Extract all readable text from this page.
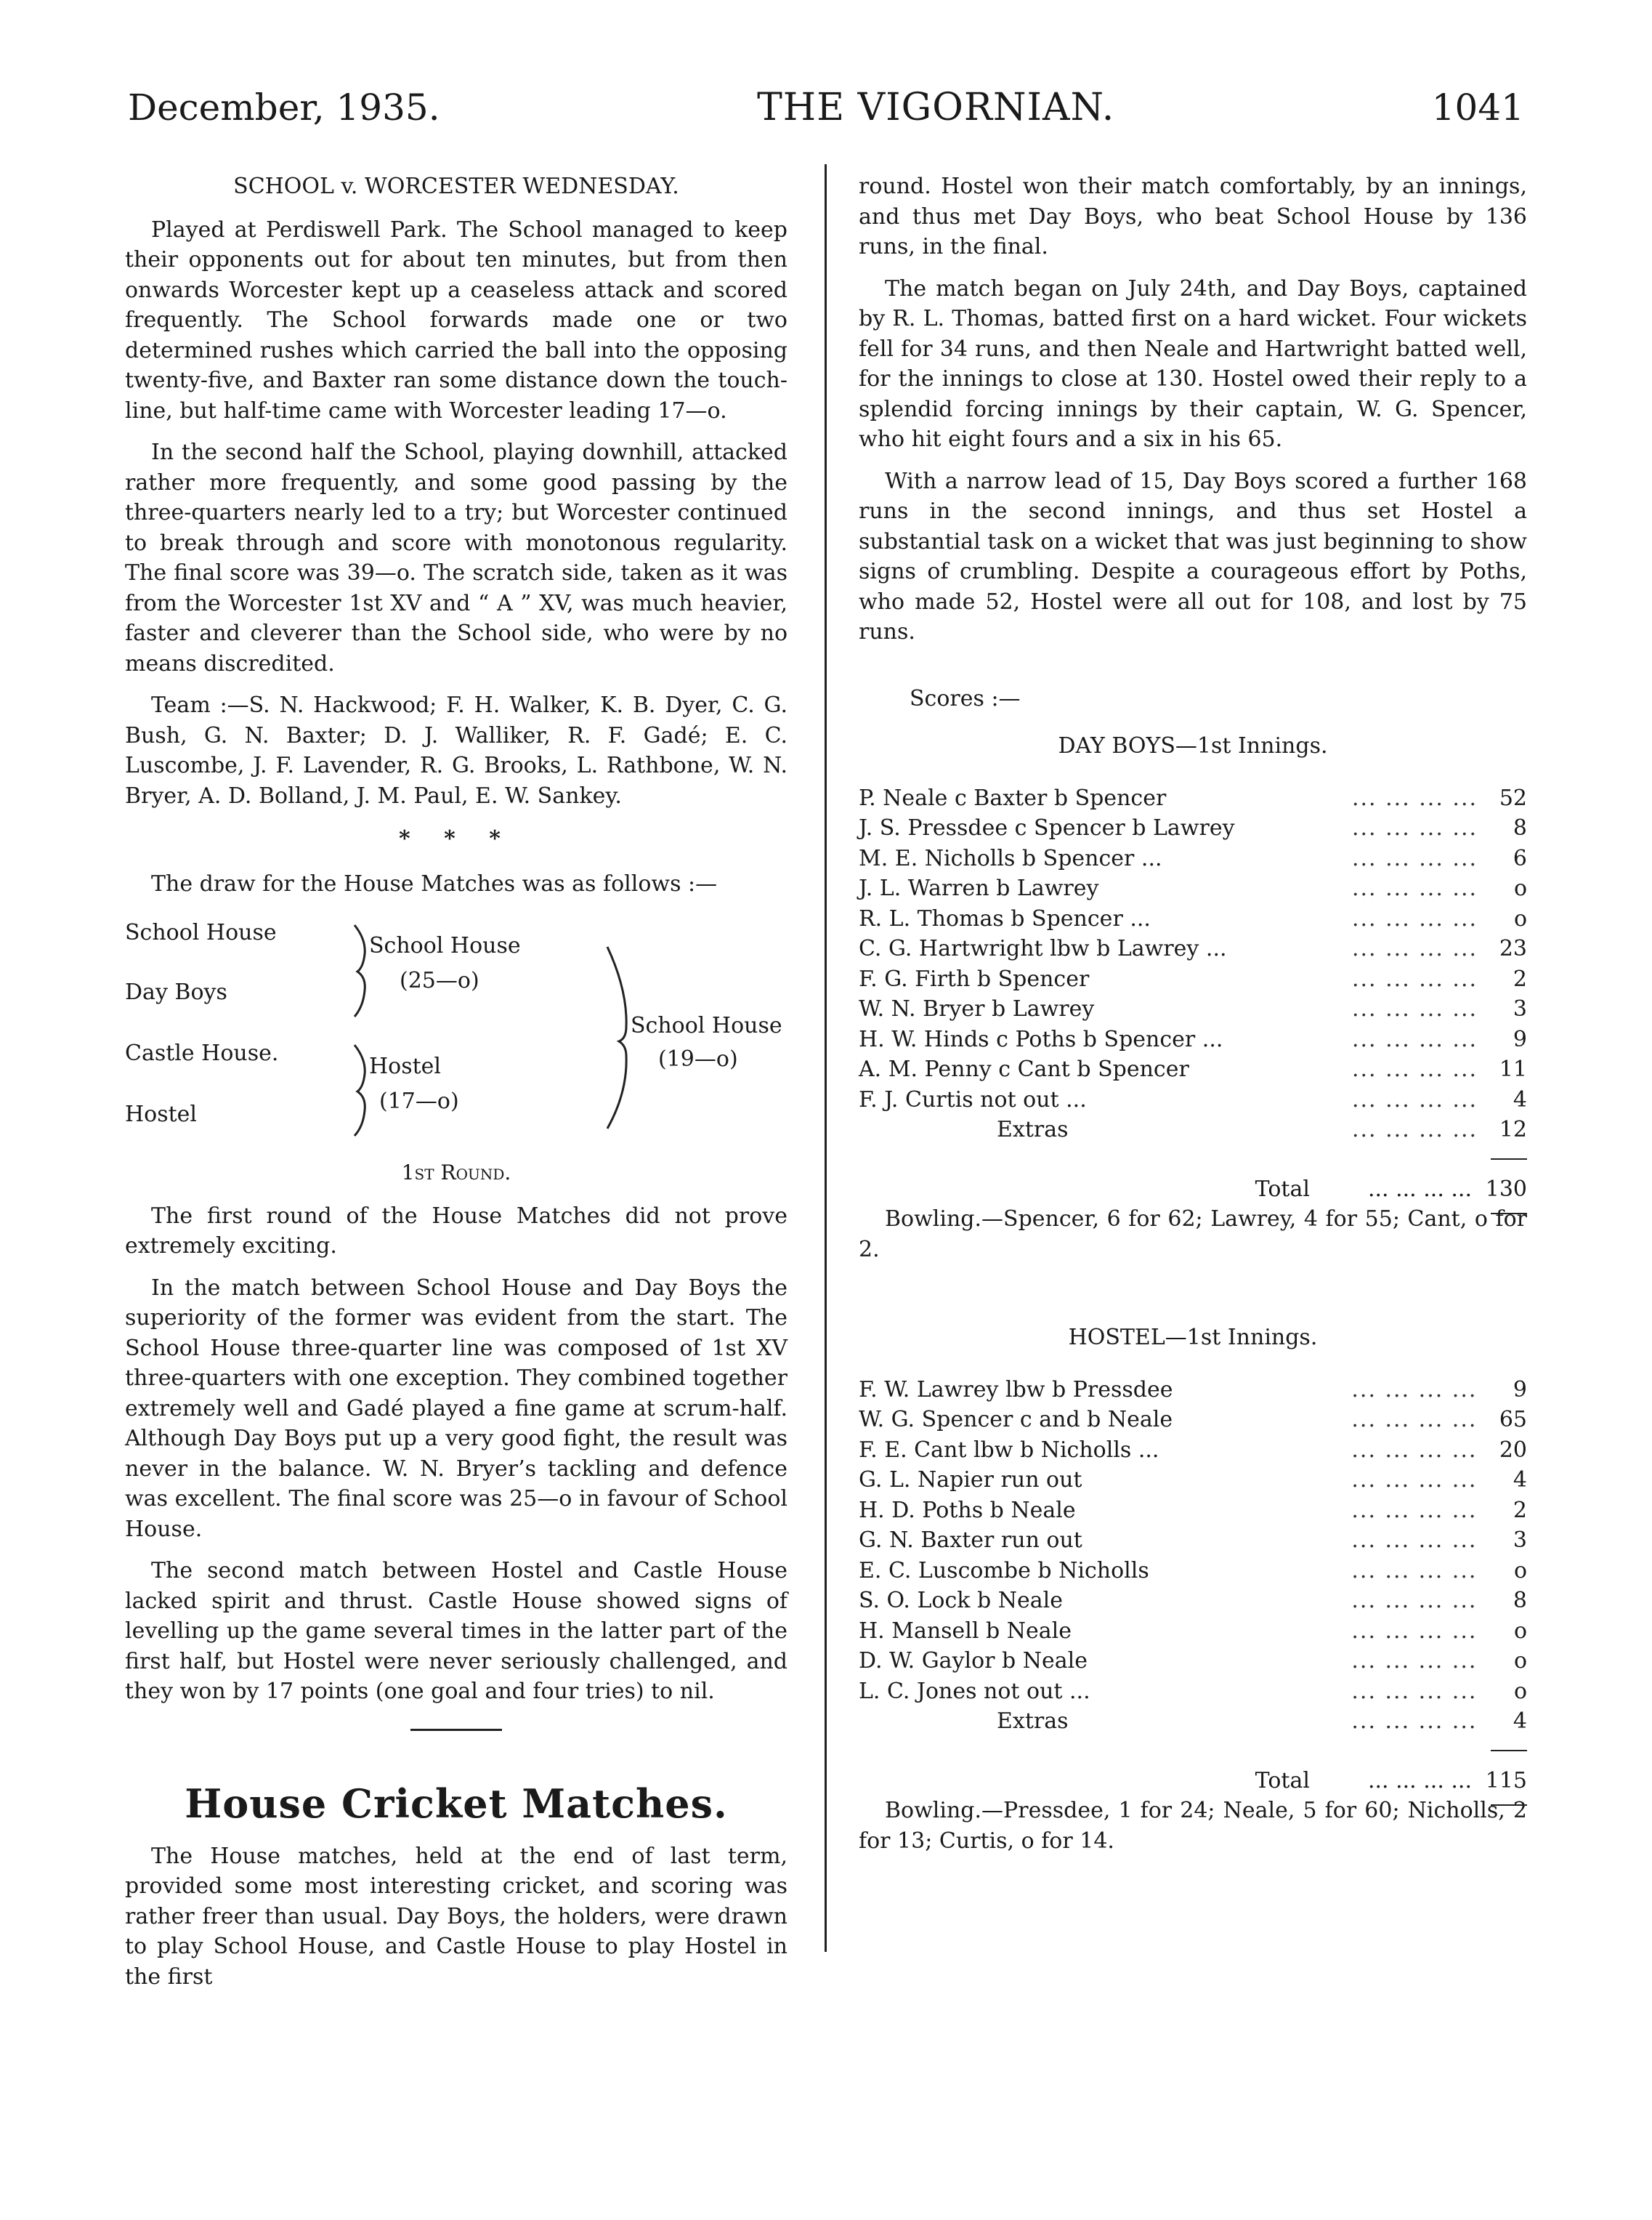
December, 1935.	THE VIGORNIAN.	1041
SCHOOL v. WORCESTER WEDNESDAY.

Played at Perdiswell Park. The School managed to keep their opponents out for about ten minutes, but from then onwards Worcester kept up a ceaseless attack and scored frequently. The School forwards made one or two determined rushes which carried the ball into the opposing twenty-five, and Baxter ran some distance down the touch-line, but half-time came with Worcester leading 17—o.

In the second half the School, playing downhill, attacked rather more frequently, and some good passing by the three-quarters nearly led to a try; but Worcester continued to break through and score with monotonous regularity. The final score was 39—o. The scratch side, taken as it was from the Worcester 1st XV and “ A ” XV, was much heavier, faster and cleverer than the School side, who were by no means discredited.

Team :—S. N. Hackwood; F. H. Walker, K. B. Dyer, C. G. Bush, G. N. Baxter; D. J. Walliker, R. F. Gadé; E. C. Luscombe, J. F. Lavender, R. G. Brooks, L. Rathbone, W. N. Bryer, A. D. Bolland, J. M. Paul, E. W. Sankey.

* * *

The draw for the House Matches was as follows :—

School House
Day Boys
Castle House.
Hostel
School House
(25—o)
Hostel
(17—o)
School House
(19—o)
1st Round.

The first round of the House Matches did not prove extremely exciting.

In the match between School House and Day Boys the superiority of the former was evident from the start. The School House three-quarter line was composed of 1st XV three-quarters with one exception. They combined together extremely well and Gadé played a fine game at scrum-half. Although Day Boys put up a very good fight, the result was never in the balance. W. N. Bryer’s tackling and defence was excellent. The final score was 25—o in favour of School House.

The second match between Hostel and Castle House lacked spirit and thrust. Castle House showed signs of levelling up the game several times in the latter part of the first half, but Hostel were never seriously challenged, and they won by 17 points (one goal and four tries) to nil.

House Cricket Matches.

The House matches, held at the end of last term, provided some most interesting cricket, and scoring was rather freer than usual. Day Boys, the holders, were drawn to play School House, and Castle House to play Hostel in the first

round. Hostel won their match comfortably, by an innings, and thus met Day Boys, who beat School House by 136 runs, in the final.

The match began on July 24th, and Day Boys, captained by R. L. Thomas, batted first on a hard wicket. Four wickets fell for 34 runs, and then Neale and Hartwright batted well, for the innings to close at 130. Hostel owed their reply to a splendid forcing innings by their captain, W. G. Spencer, who hit eight fours and a six in his 65.

With a narrow lead of 15, Day Boys scored a further 168 runs in the second innings, and thus set Hostel a substantial task on a wicket that was just beginning to show signs of crumbling. Despite a courageous effort by Poths, who made 52, Hostel were all out for 108, and lost by 75 runs.

Scores :—
DAY BOYS—1st Innings.
P. Neale c Baxter b Spencer	... ... ... ...	52
J. S. Pressdee c Spencer b Lawrey	... ... ... ...	8
M. E. Nicholls b Spencer ...	... ... ... ...	6
J. L. Warren b Lawrey	... ... ... ...	o
R. L. Thomas b Spencer ...	... ... ... ...	o
C. G. Hartwright lbw b Lawrey ...	... ... ... ...	23
F. G. Firth b Spencer	... ... ... ...	2
W. N. Bryer b Lawrey	... ... ... ...	3
H. W. Hinds c Poths b Spencer ...	... ... ... ...	9
A. M. Penny c Cant b Spencer	... ... ... ...	11
F. J. Curtis not out ...	... ... ... ...	4
Extras	... ... ... ...	12
Total	... ... ... ... 130

Bowling.—Spencer, 6 for 62; Lawrey, 4 for 55; Cant, o for 2.

HOSTEL—1st Innings.
F. W. Lawrey lbw b Pressdee	... ... ... ...	9
W. G. Spencer c and b Neale	... ... ... ...	65
F. E. Cant lbw b Nicholls ...	... ... ... ...	20
G. L. Napier run out	... ... ... ...	4
H. D. Poths b Neale	... ... ... ...	2
G. N. Baxter run out	... ... ... ...	3
E. C. Luscombe b Nicholls	... ... ... ...	o
S. O. Lock b Neale	... ... ... ...	8
H. Mansell b Neale	... ... ... ...	o
D. W. Gaylor b Neale	... ... ... ...	o
L. C. Jones not out ...	... ... ... ...	o
Extras	... ... ... ...	4
Total	... ... ... ... 115

Bowling.—Pressdee, 1 for 24; Neale, 5 for 60; Nicholls, 2 for 13; Curtis, o for 14.
